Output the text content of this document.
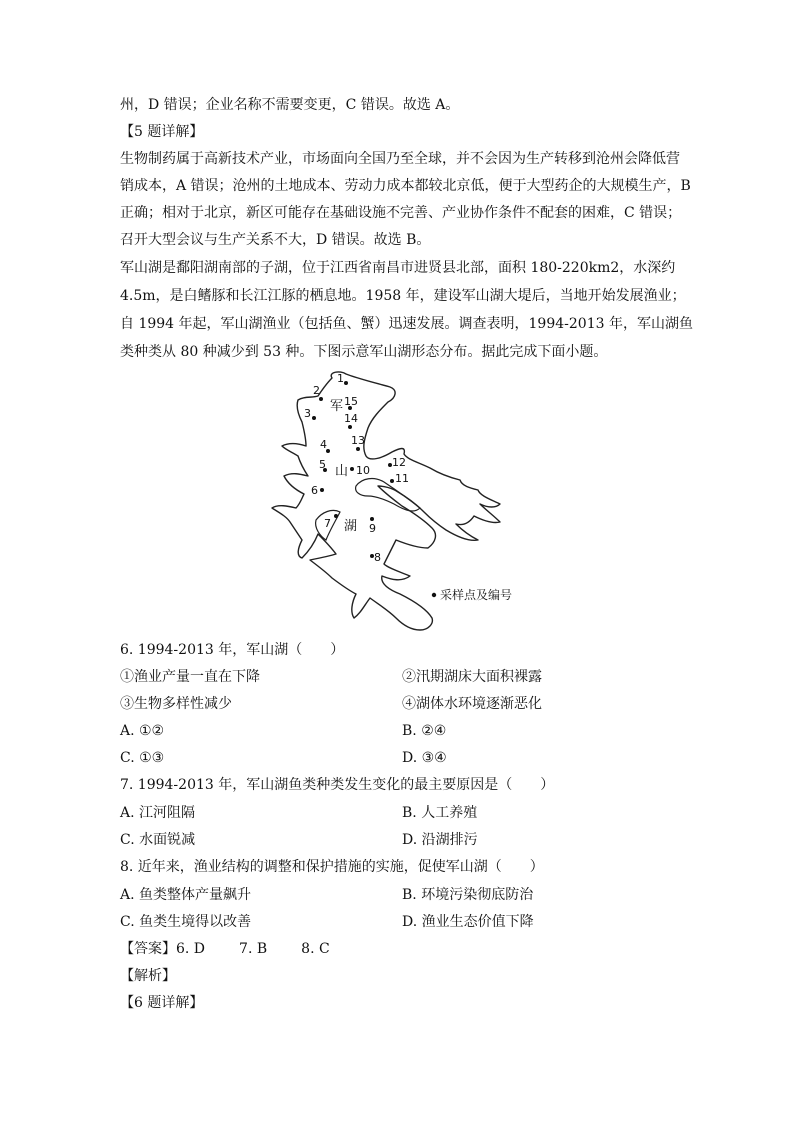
州，D 错误；企业名称不需要变更，C 错误。故选 A。
【5 题详解】
生物制药属于高新技术产业，市场面向全国乃至全球，并不会因为生产转移到沧州会降低营
销成本，A 错误；沧州的土地成本、劳动力成本都较北京低，便于大型药企的大规模生产，B
正确；相对于北京，新区可能存在基础设施不完善、产业协作条件不配套的困难，C 错误；
召开大型会议与生产关系不大，D 错误。故选 B。
军山湖是鄱阳湖南部的子湖，位于江西省南昌市进贤县北部，面积 180-220km2，水深约
4.5m，是白鳍豚和长江江豚的栖息地。1958 年，建设军山湖大堤后，当地开始发展渔业；
自 1994 年起，军山湖渔业（包括鱼、蟹）迅速发展。调查表明，1994-2013 年，军山湖鱼
类种类从 80 种减少到 53 种。下图示意军山湖形态分布。据此完成下面小题。
军
山
湖
1
2
3
4
5
6
7
8
9
10
11
12
13
14
15
采样点及编号
6. 1994-2013 年，军山湖（　　）
①渔业产量一直在下降	②汛期湖床大面积裸露
③生物多样性减少	④湖体水环境逐渐恶化
A. ①②	B. ②④
C. ①③	D. ③④
7. 1994-2013 年，军山湖鱼类种类发生变化的最主要原因是（　　）
A. 江河阻隔	B. 人工养殖
C. 水面锐减	D. 沿湖排污
8. 近年来，渔业结构的调整和保护措施的实施，促使军山湖（　　）
A. 鱼类整体产量飙升	B. 环境污染彻底防治
C. 鱼类生境得以改善	D. 渔业生态价值下降
【答案】6. D 7. B 8. C
【解析】
【6 题详解】
